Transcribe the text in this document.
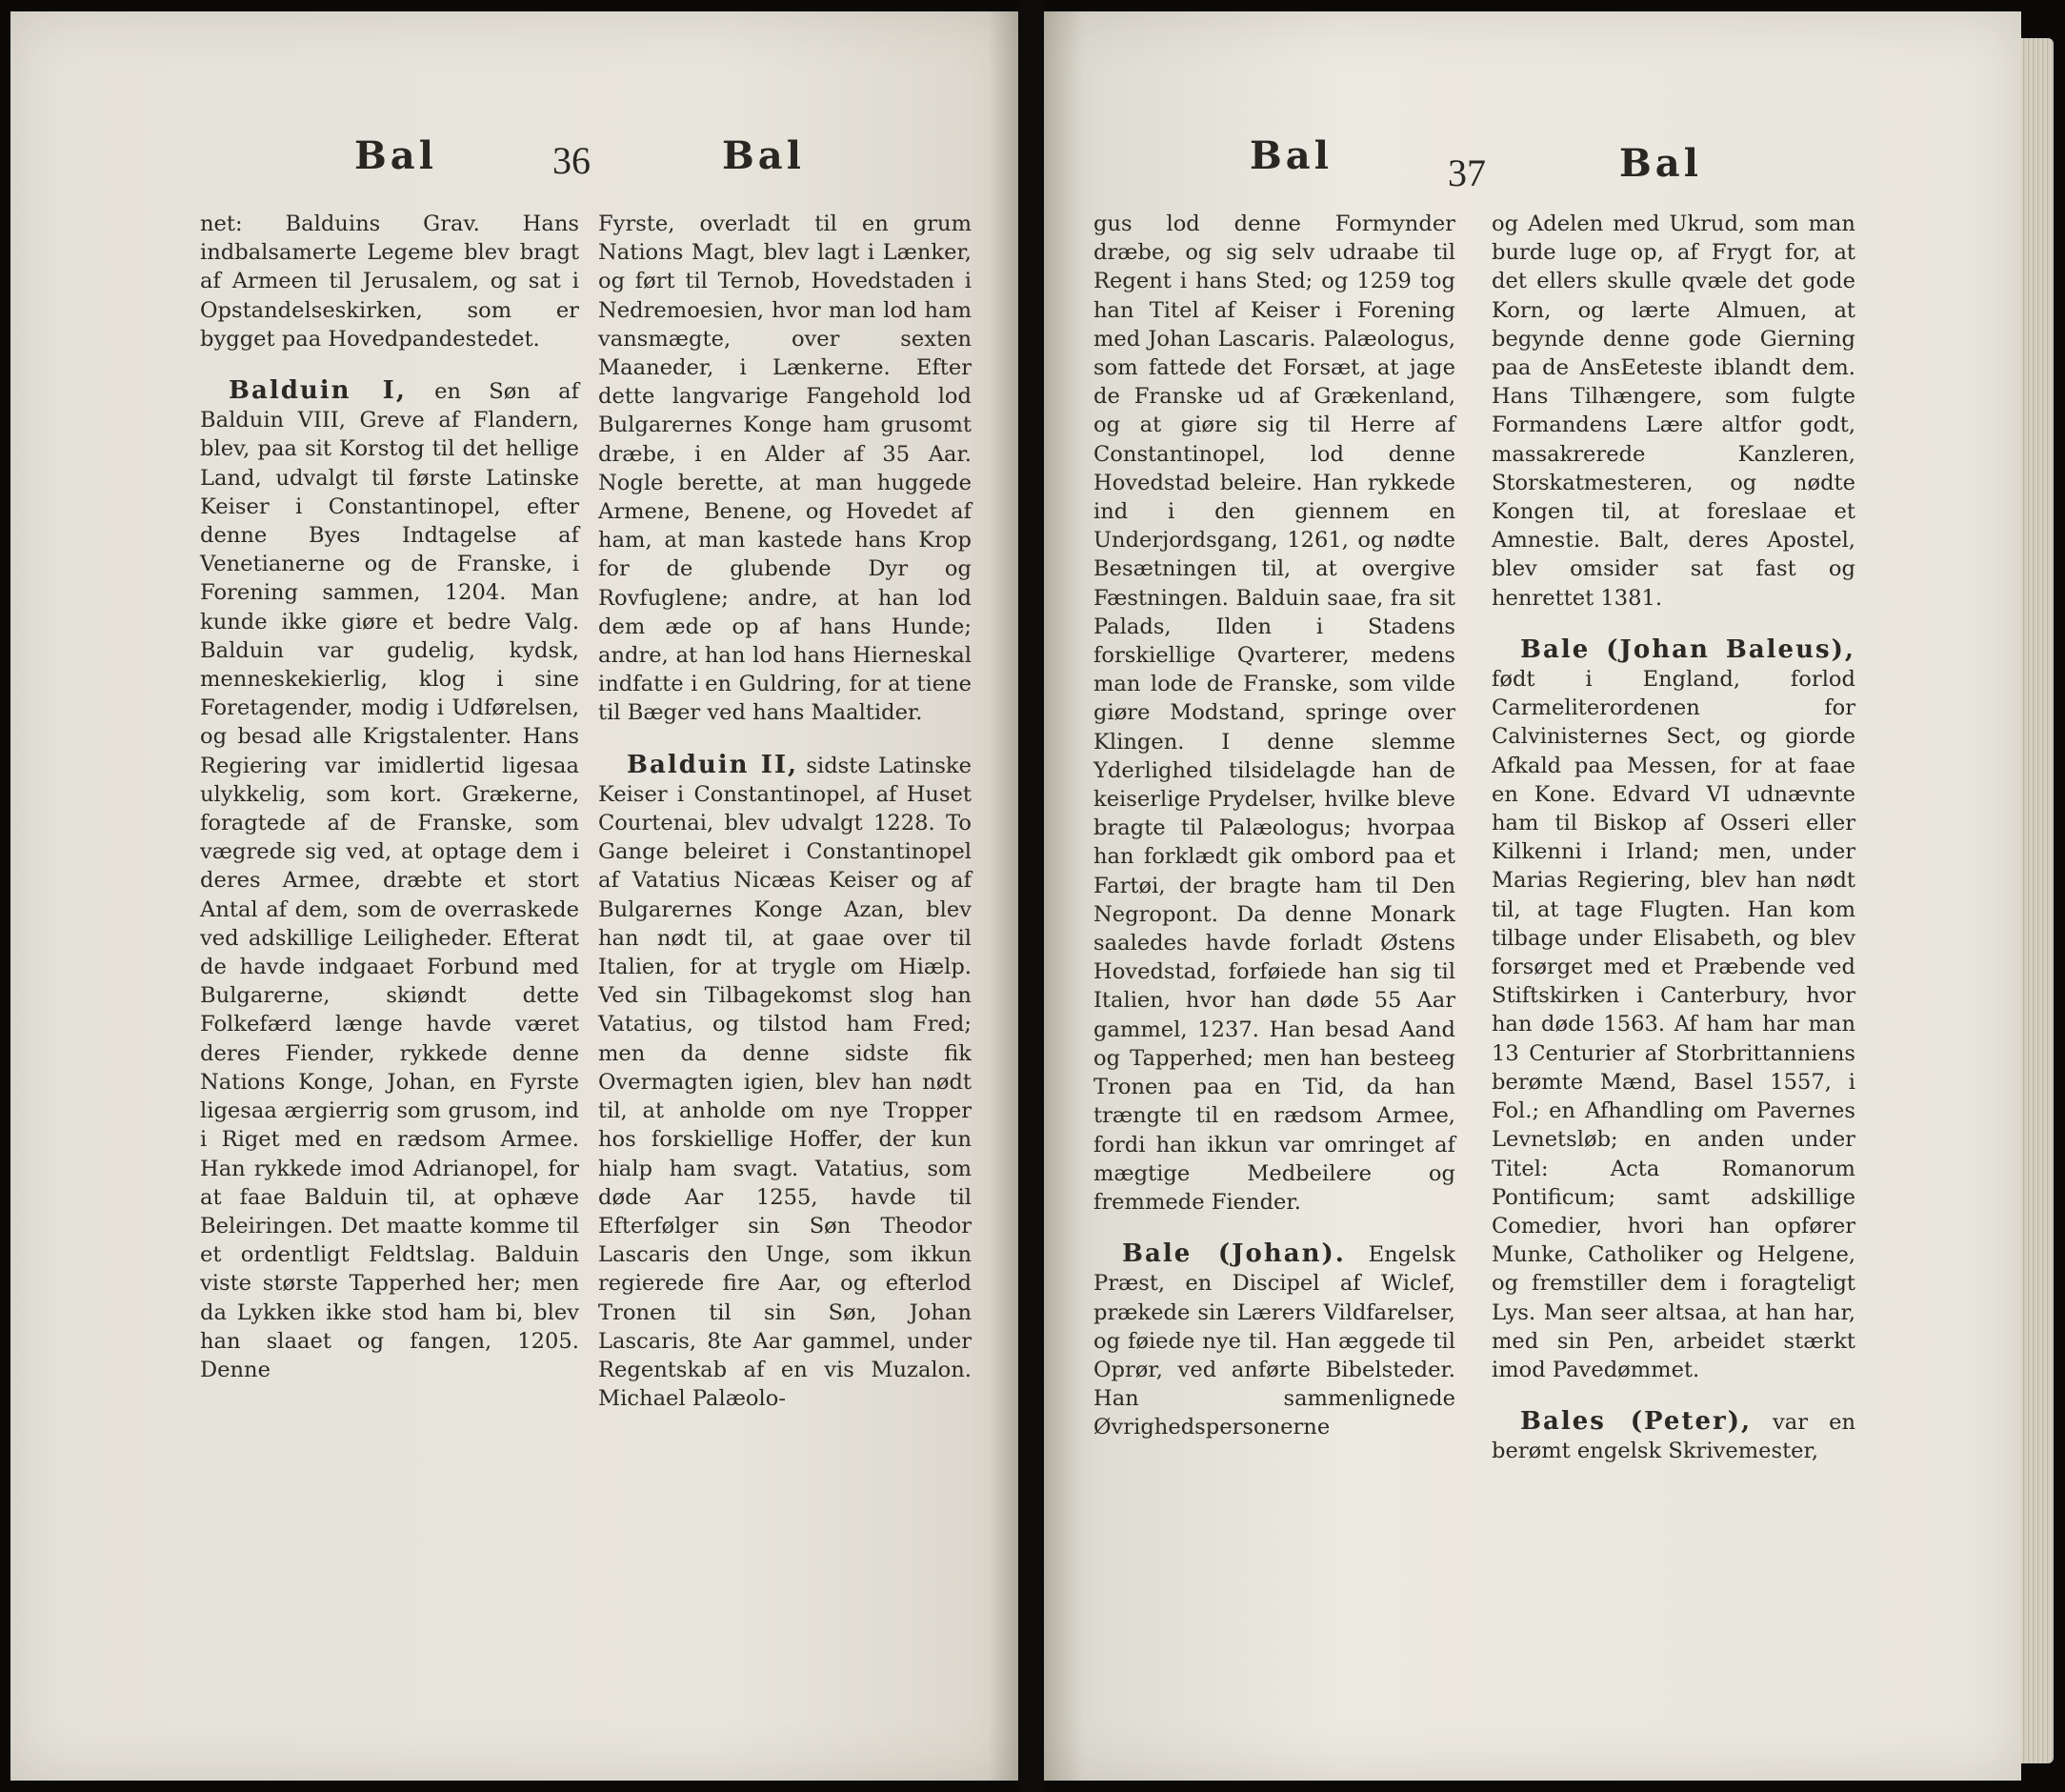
Bal	36	Bal

net: Balduins Grav. Hans indbalsamerte Legeme blev bragt af Armeen til Jerusalem, og sat i Opstandelseskirken, som er bygget paa Hovedpandestedet.

Balduin I, en Søn af Balduin VIII, Greve af Flandern, blev, paa sit Korstog til det hellige Land, udvalgt til første Latinske Keiser i Constantinopel, efter denne Byes Indtagelse af Venetianerne og de Franske, i Forening sammen, 1204. Man kunde ikke giøre et bedre Valg. Balduin var gudelig, kydsk, menneskekierlig, klog i sine Foretagender, modig i Udførelsen, og besad alle Krigstalenter. Hans Regiering var imidlertid ligesaa ulykkelig, som kort. Grækerne, foragtede af de Franske, som vægrede sig ved, at optage dem i deres Armee, dræbte et stort Antal af dem, som de overraskede ved adskillige Leiligheder. Efterat de havde indgaaet Forbund med Bulgarerne, skiøndt dette Folkefærd længe havde været deres Fiender, rykkede denne Nations Konge, Johan, en Fyrste ligesaa ærgierrig som grusom, ind i Riget med en rædsom Armee. Han rykkede imod Adrianopel, for at faae Balduin til, at ophæve Beleiringen. Det maatte komme til et ordentligt Feldtslag. Balduin viste største Tapperhed her; men da Lykken ikke stod ham bi, blev han slaaet og fangen, 1205. Denne

Fyrste, overladt til en grum Nations Magt, blev lagt i Lænker, og ført til Ternob, Hovedstaden i Nedremoesien, hvor man lod ham vansmægte, over sexten Maaneder, i Lænkerne. Efter dette langvarige Fangehold lod Bulgarernes Konge ham grusomt dræbe, i en Alder af 35 Aar. Nogle berette, at man huggede Armene, Benene, og Hovedet af ham, at man kastede hans Krop for de glubende Dyr og Rovfuglene; andre, at han lod dem æde op af hans Hunde; andre, at han lod hans Hierneskal indfatte i en Guldring, for at tiene til Bæger ved hans Maaltider.

Balduin II, sidste Latinske Keiser i Constantinopel, af Huset Courtenai, blev udvalgt 1228. To Gange beleiret i Constantinopel af Vatatius Nicæas Keiser og af Bulgarernes Konge Azan, blev han nødt til, at gaae over til Italien, for at trygle om Hiælp. Ved sin Tilbagekomst slog han Vatatius, og tilstod ham Fred; men da denne sidste fik Overmagten igien, blev han nødt til, at anholde om nye Tropper hos forskiellige Hoffer, der kun hialp ham svagt. Vatatius, som døde Aar 1255, havde til Efterfølger sin Søn Theodor Lascaris den Unge, som ikkun regierede fire Aar, og efterlod Tronen til sin Søn, Johan Lascaris, 8te Aar gammel, under Regentskab af en vis Muzalon. Michael Palæolo-

Bal	37	Bal

gus lod denne Formynder dræbe, og sig selv udraabe til Regent i hans Sted; og 1259 tog han Titel af Keiser i Forening med Johan Lascaris. Palæologus, som fattede det Forsæt, at jage de Franske ud af Grækenland, og at giøre sig til Herre af Constantinopel, lod denne Hovedstad beleire. Han rykkede ind i den giennem en Underjordsgang, 1261, og nødte Besætningen til, at overgive Fæstningen. Balduin saae, fra sit Palads, Ilden i Stadens forskiellige Qvarterer, medens man lode de Franske, som vilde giøre Modstand, springe over Klingen. I denne slemme Yderlighed tilsidelagde han de keiserlige Prydelser, hvilke bleve bragte til Palæologus; hvorpaa han forklædt gik ombord paa et Fartøi, der bragte ham til Den Negropont. Da denne Monark saaledes havde forladt Østens Hovedstad, forføiede han sig til Italien, hvor han døde 55 Aar gammel, 1237. Han besad Aand og Tapperhed; men han besteeg Tronen paa en Tid, da han trængte til en rædsom Armee, fordi han ikkun var omringet af mægtige Medbeilere og fremmede Fiender.

Bale (Johan). Engelsk Præst, en Discipel af Wiclef, prækede sin Lærers Vildfarelser, og føiede nye til. Han æggede til Oprør, ved anførte Bibelsteder. Han sammenlignede Øvrighedspersonerne

og Adelen med Ukrud, som man burde luge op, af Frygt for, at det ellers skulle qvæle det gode Korn, og lærte Almuen, at begynde denne gode Gierning paa de AnsEeteste iblandt dem. Hans Tilhængere, som fulgte Formandens Lære altfor godt, massakrerede Kanzleren, Storskatmesteren, og nødte Kongen til, at foreslaae et Amnestie. Balt, deres Apostel, blev omsider sat fast og henrettet 1381.

Bale (Johan Baleus), født i England, forlod Carmeliterordenen for Calvinisternes Sect, og giorde Afkald paa Messen, for at faae en Kone. Edvard VI udnævnte ham til Biskop af Osseri eller Kilkenni i Irland; men, under Marias Regiering, blev han nødt til, at tage Flugten. Han kom tilbage under Elisabeth, og blev forsørget med et Præbende ved Stiftskirken i Canterbury, hvor han døde 1563. Af ham har man 13 Centurier af Storbrittanniens berømte Mænd, Basel 1557, i Fol.; en Afhandling om Pavernes Levnetsløb; en anden under Titel: Acta Romanorum Pontificum; samt adskillige Comedier, hvori han opfører Munke, Catholiker og Helgene, og fremstiller dem i foragteligt Lys. Man seer altsaa, at han har, med sin Pen, arbeidet stærkt imod Pavedømmet.

Bales (Peter), var en berømt engelsk Skrivemester,
